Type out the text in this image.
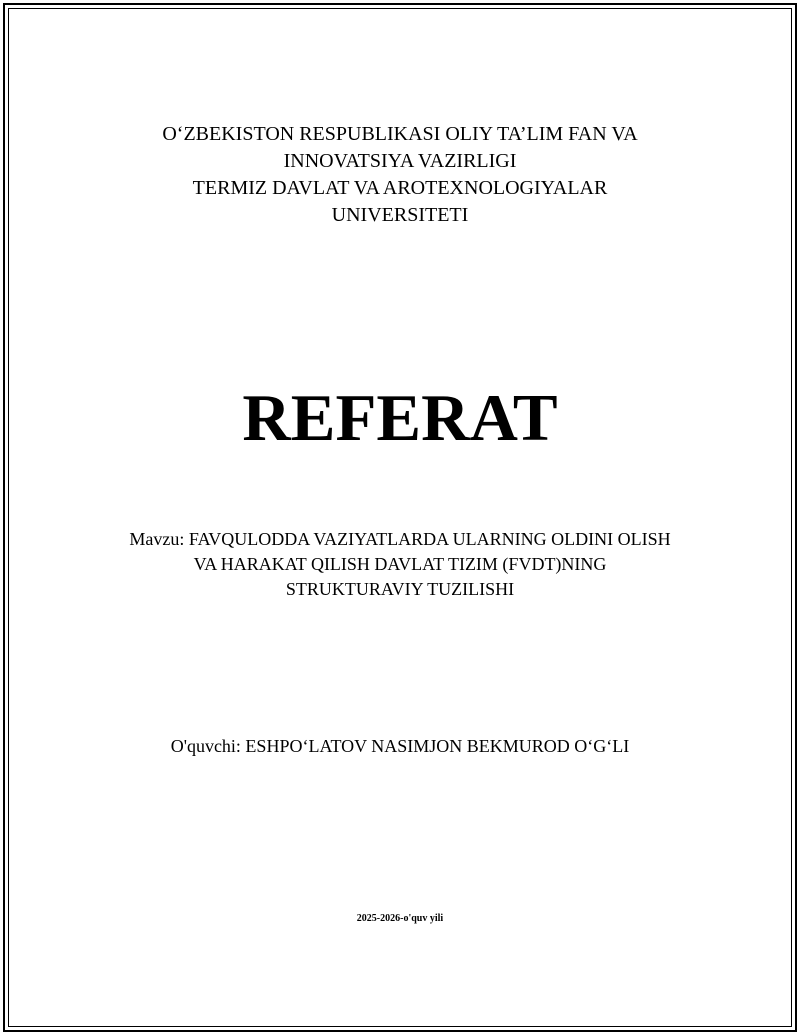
O‘ZBEKISTON RESPUBLIKASI OLIY TA’LIM FAN VA
INNOVATSIYA VAZIRLIGI
TERMIZ DAVLAT VA AROTEXNOLOGIYALAR
UNIVERSITETI
REFERAT
Mavzu: FAVQULODDA VAZIYATLARDA ULARNING OLDINI OLISH
VA HARAKAT QILISH DAVLAT TIZIM (FVDT)NING
STRUKTURAVIY TUZILISHI
O'quvchi: ESHPO‘LATOV NASIMJON BEKMUROD O‘G‘LI
2025-2026-o'quv yili
